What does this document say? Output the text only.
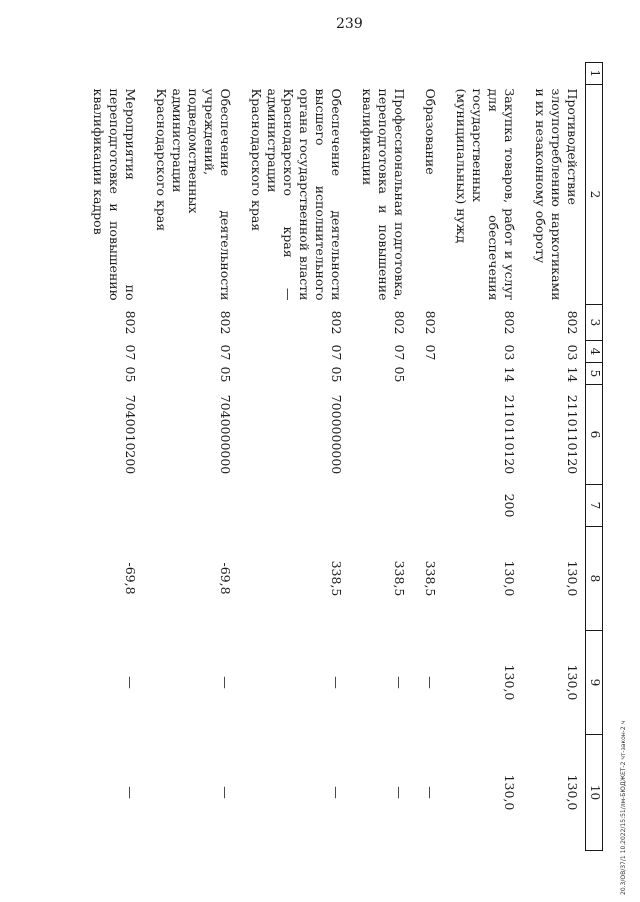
239
1	2	3	4	5	6	7	8	9	10
	Противодействие злоупотреблению наркотиками и их незаконному обороту	802	03	14	2110110120		130,0	130,0	130,0
	Закупка товаров, работ и услуг для обеспечения государственных (муниципальных) нужд	802	03	14	2110110120	200	130,0	130,0	130,0
	Образование	802	07				338,5	—	—
	Профессиональная подготовка, переподготовка и повышение квалификации	802	07	05			338,5	—	—
	Обеспечение деятельности высшего исполнительного органа государственной власти Краснодарского края — администрации Краснодарского края	802	07	05	7000000000		338,5	—	—
	Обеспечение деятельности учреждений, подведомственных администрации Краснодарского края	802	07	05	7040000000		-69,8	—	—
	Мероприятия по переподготовке и повышению квалификации кадров	802	07	05	7040010200		-69,8	—	—	20.3/ОВ/37/1 10.2022/15:51/лм-БЮДЖЕТ-2 чт-закон-2 ч
